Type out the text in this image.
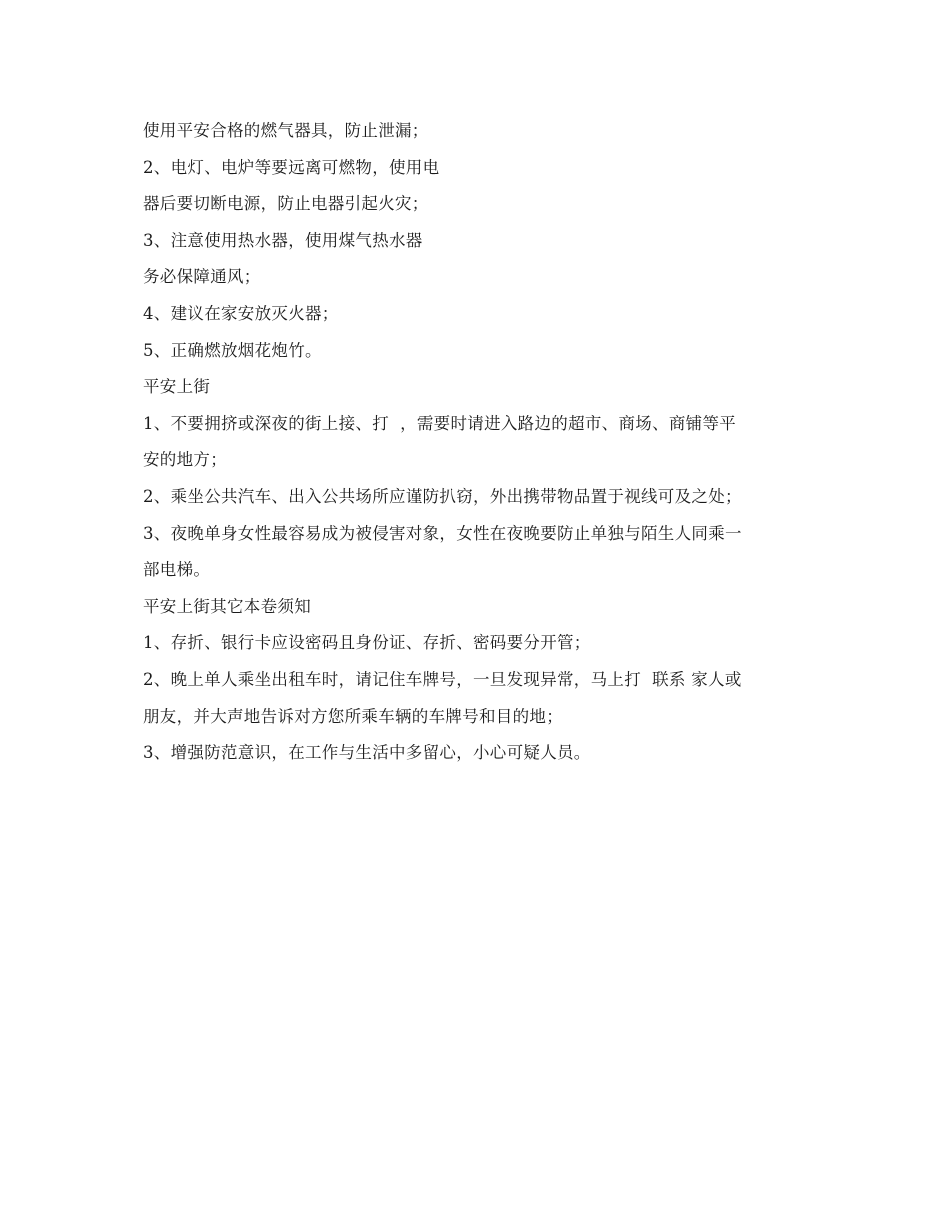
使用平安合格的燃气器具，防止泄漏；
2、电灯、电炉等要远离可燃物，使用电
器后要切断电源，防止电器引起火灾；
3、注意使用热水器，使用煤气热水器
务必保障通风；
4、建议在家安放灭火器；
5、正确燃放烟花炮竹。
平安上街
1、不要拥挤或深夜的街上接、打  ，需要时请进入路边的超市、商场、商铺等平
安的地方；
2、乘坐公共汽车、出入公共场所应谨防扒窃，外出携带物品置于视线可及之处；
3、夜晚单身女性最容易成为被侵害对象，女性在夜晚要防止单独与陌生人同乘一
部电梯。
平安上街其它本卷须知
1、存折、银行卡应设密码且身份证、存折、密码要分开管；
2、晚上单人乘坐出租车时，请记住车牌号，一旦发现异常，马上打  联系 家人或
朋友，并大声地告诉对方您所乘车辆的车牌号和目的地；
3、增强防范意识，在工作与生活中多留心，小心可疑人员。
